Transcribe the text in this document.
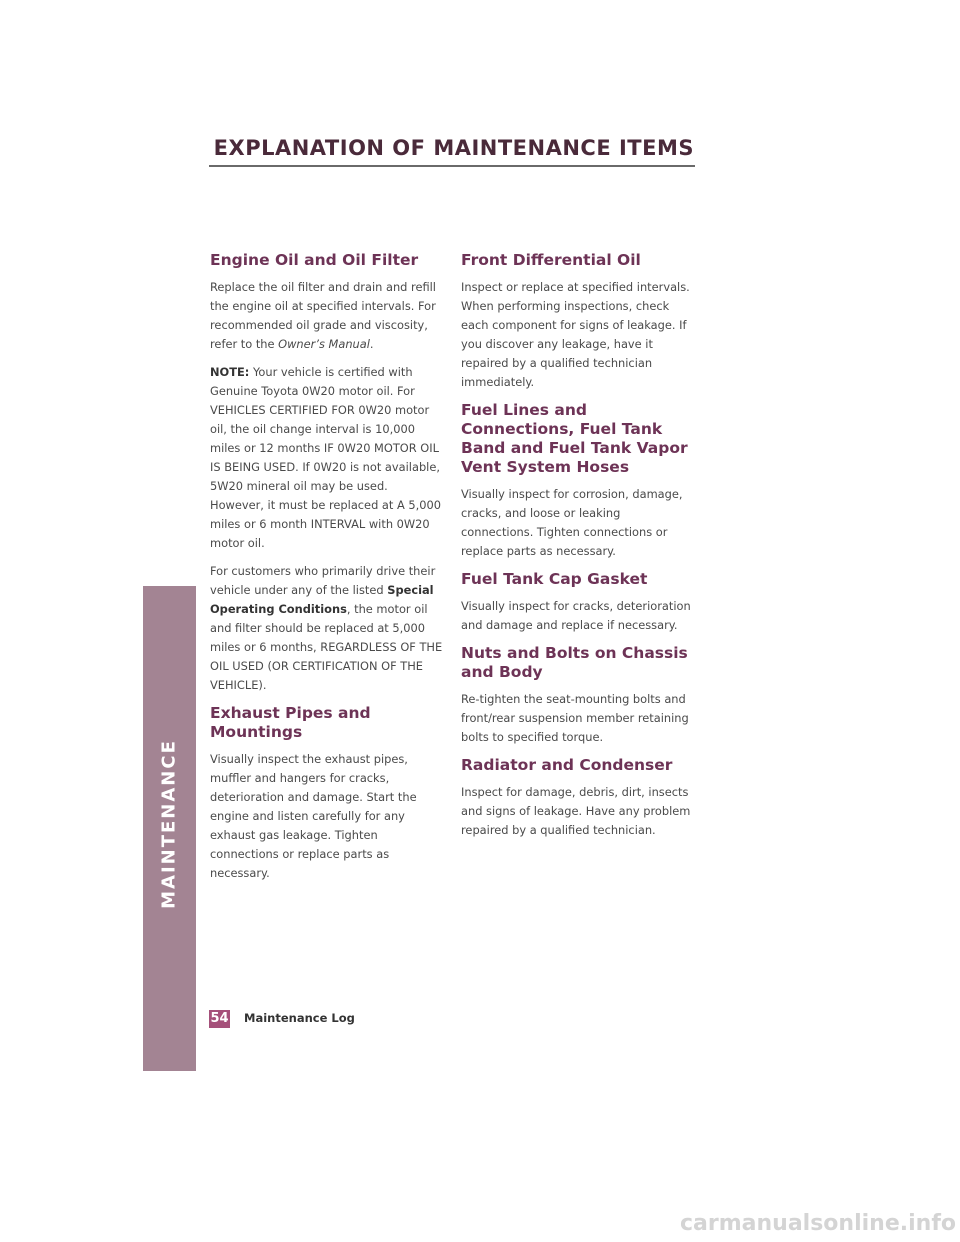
EXPLANATION OF MAINTENANCE ITEMS
MAINTENANCE
Engine Oil and Oil Filter

Replace the oil filter and drain and refill the engine oil at specified intervals. For recommended oil grade and viscosity, refer to the Owner’s Manual.

NOTE: Your vehicle is certified with Genuine Toyota 0W20 motor oil. For VEHICLES CERTIFIED FOR 0W20 motor oil, the oil change interval is 10,000 miles or 12 months IF 0W20 MOTOR OIL IS BEING USED. If 0W20 is not available, 5W20 mineral oil may be used. However, it must be replaced at A 5,000 miles or 6 month INTERVAL with 0W20 motor oil.

For customers who primarily drive their vehicle under any of the listed Special Operating Conditions, the motor oil and filter should be replaced at 5,000 miles or 6 months, REGARDLESS OF THE OIL USED (OR CERTIFICATION OF THE VEHICLE).

Exhaust Pipes and Mountings

Visually inspect the exhaust pipes, muffler and hangers for cracks, deterioration and damage. Start the engine and listen carefully for any exhaust gas leakage. Tighten connections or replace parts as necessary.

Front Differential Oil

Inspect or replace at specified intervals. When performing inspections, check each component for signs of leakage. If you discover any leakage, have it repaired by a qualified technician immediately.

Fuel Lines and Connections, Fuel Tank Band and Fuel Tank Vapor Vent System Hoses

Visually inspect for corrosion, damage, cracks, and loose or leaking connections. Tighten connections or replace parts as necessary.

Fuel Tank Cap Gasket

Visually inspect for cracks, deterioration and damage and replace if necessary.

Nuts and Bolts on Chassis and Body

Re-tighten the seat-mounting bolts and front/rear suspension member retaining bolts to specified torque.

Radiator and Condenser

Inspect for damage, debris, dirt, insects and signs of leakage. Have any problem repaired by a qualified technician.

54 Maintenance Log
carmanualsonline.info
